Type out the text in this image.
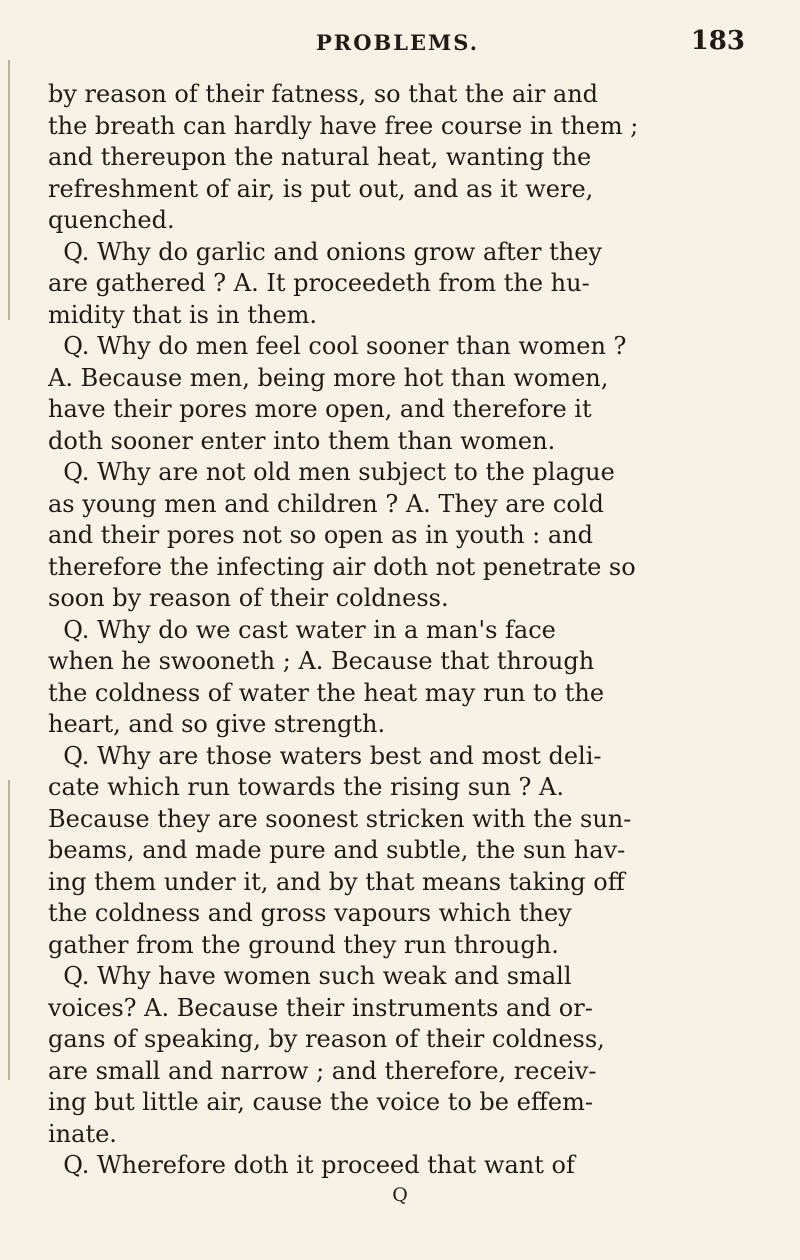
PROBLEMS.	183
by reason of their fatness, so that the air and
the breath can hardly have free course in them ;
and thereupon the natural heat, wanting the
refreshment of air, is put out, and as it were,
quenched.
Q. Why do garlic and onions grow after they
are gathered ? A. It proceedeth from the hu-
midity that is in them.
Q. Why do men feel cool sooner than women ?
A. Because men, being more hot than women,
have their pores more open, and therefore it
doth sooner enter into them than women.
Q. Why are not old men subject to the plague
as young men and children ? A. They are cold
and their pores not so open as in youth : and
therefore the infecting air doth not penetrate so
soon by reason of their coldness.
Q. Why do we cast water in a man's face
when he swooneth ; A. Because that through
the coldness of water the heat may run to the
heart, and so give strength.
Q. Why are those waters best and most deli-
cate which run towards the rising sun ? A.
Because they are soonest stricken with the sun-
beams, and made pure and subtle, the sun hav-
ing them under it, and by that means taking off
the coldness and gross vapours which they
gather from the ground they run through.
Q. Why have women such weak and small
voices? A. Because their instruments and or-
gans of speaking, by reason of their coldness,
are small and narrow ; and therefore, receiv-
ing but little air, cause the voice to be effem-
inate.
Q. Wherefore doth it proceed that want of
Q
